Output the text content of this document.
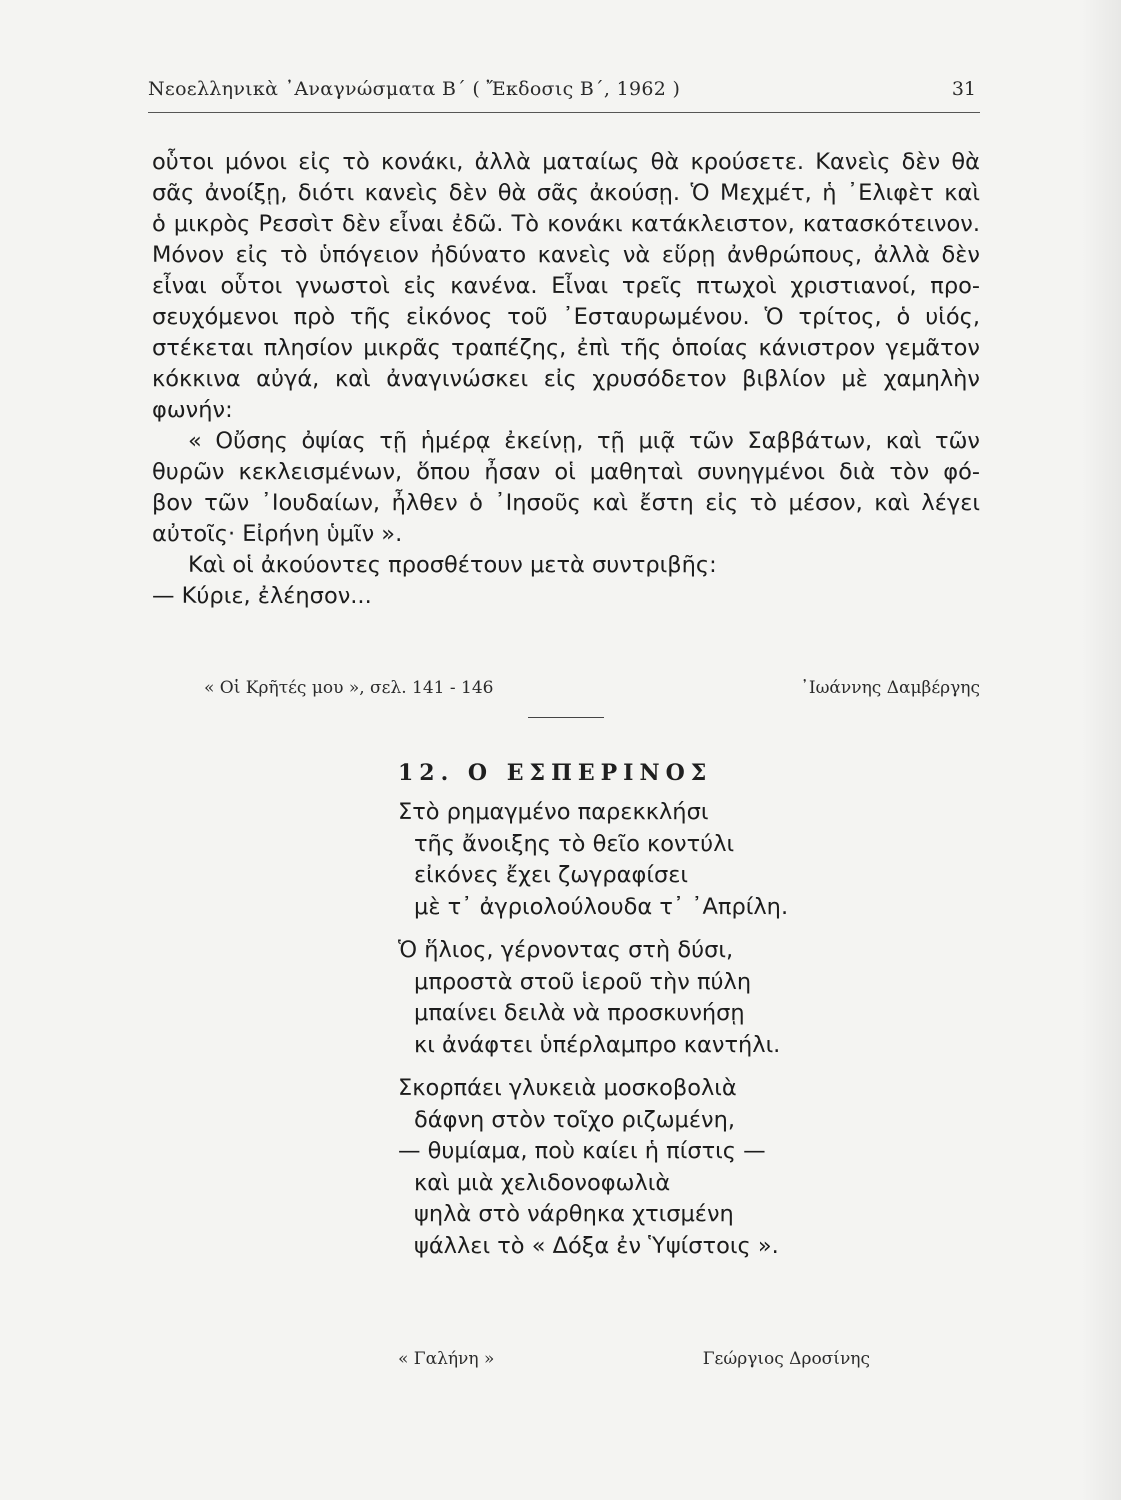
Νεοελληνικὰ ᾿Αναγνώσματα Β΄ ( Ἔκδοσις Β΄, 1962 )	31

οὗτοι μόνοι εἰς τὸ κονάκι, ἀλλὰ ματαίως θὰ κρούσετε. Κανεὶς δὲν θὰ
σᾶς ἀνοίξῃ, διότι κανεὶς δὲν θὰ σᾶς ἀκούσῃ. Ὁ Μεχμέτ, ἡ ᾿Ελιφὲτ καὶ
ὁ μικρὸς Ρεσσὶτ δὲν εἶναι ἐδῶ. Τὸ κονάκι κατάκλειστον, κατασκότεινον.
Μόνον εἰς τὸ ὑπόγειον ἠδύνατο κανεὶς νὰ εὕρῃ ἀνθρώπους, ἀλλὰ δὲν
εἶναι οὗτοι γνωστοὶ εἰς κανένα. Εἶναι τρεῖς πτωχοὶ χριστιανοί, προ-
σευχόμενοι πρὸ τῆς εἰκόνος τοῦ ᾿Εσταυρωμένου. Ὁ τρίτος, ὁ υἱός,
στέκεται πλησίον μικρᾶς τραπέζης, ἐπὶ τῆς ὁποίας κάνιστρον γεμᾶτον
κόκκινα αὐγά, καὶ ἀναγινώσκει εἰς χρυσόδετον βιβλίον μὲ χαμηλὴν
φωνήν:

« Οὔσης ὀψίας τῇ ἡμέρᾳ ἐκείνῃ, τῇ μιᾷ τῶν Σαββάτων, καὶ τῶν
θυρῶν κεκλεισμένων, ὅπου ἦσαν οἱ μαθηταὶ συνηγμένοι διὰ τὸν φό-
βον τῶν ᾿Ιουδαίων, ἦλθεν ὁ ᾿Ιησοῦς καὶ ἔστη εἰς τὸ μέσον, καὶ λέγει
αὐτοῖς· Εἰρήνη ὑμῖν ».

Καὶ οἱ ἀκούοντες προσθέτουν μετὰ συντριβῆς:

— Κύριε, ἐλέησον...

« Οἱ Κρῆτές μου », σελ. 141 - 146	᾿Ιωάννης Δαμβέργης
12. Ο ΕΣΠΕΡΙΝΟΣ
Στὸ ρημαγμένο παρεκκλήσι
τῆς ἄνοιξης τὸ θεῖο κοντύλι
εἰκόνες ἔχει ζωγραφίσει
μὲ τ᾿ ἀγριολούλουδα τ᾿ ᾿Απρίλη.
Ὁ ἥλιος, γέρνοντας στὴ δύσι,
μπροστὰ στοῦ ἱεροῦ τὴν πύλη
μπαίνει δειλὰ νὰ προσκυνήσῃ
κι ἀνάφτει ὑπέρλαμπρο καντήλι.
Σκορπάει γλυκειὰ μοσκοβολιὰ
δάφνη στὸν τοῖχο ριζωμένη,
— θυμίαμα, ποὺ καίει ἡ πίστις —
καὶ μιὰ χελιδονοφωλιὰ
ψηλὰ στὸ νάρθηκα χτισμένη
ψάλλει τὸ « Δόξα ἐν Ὑψίστοις ».
« Γαλήνη »	Γεώργιος Δροσίνης
